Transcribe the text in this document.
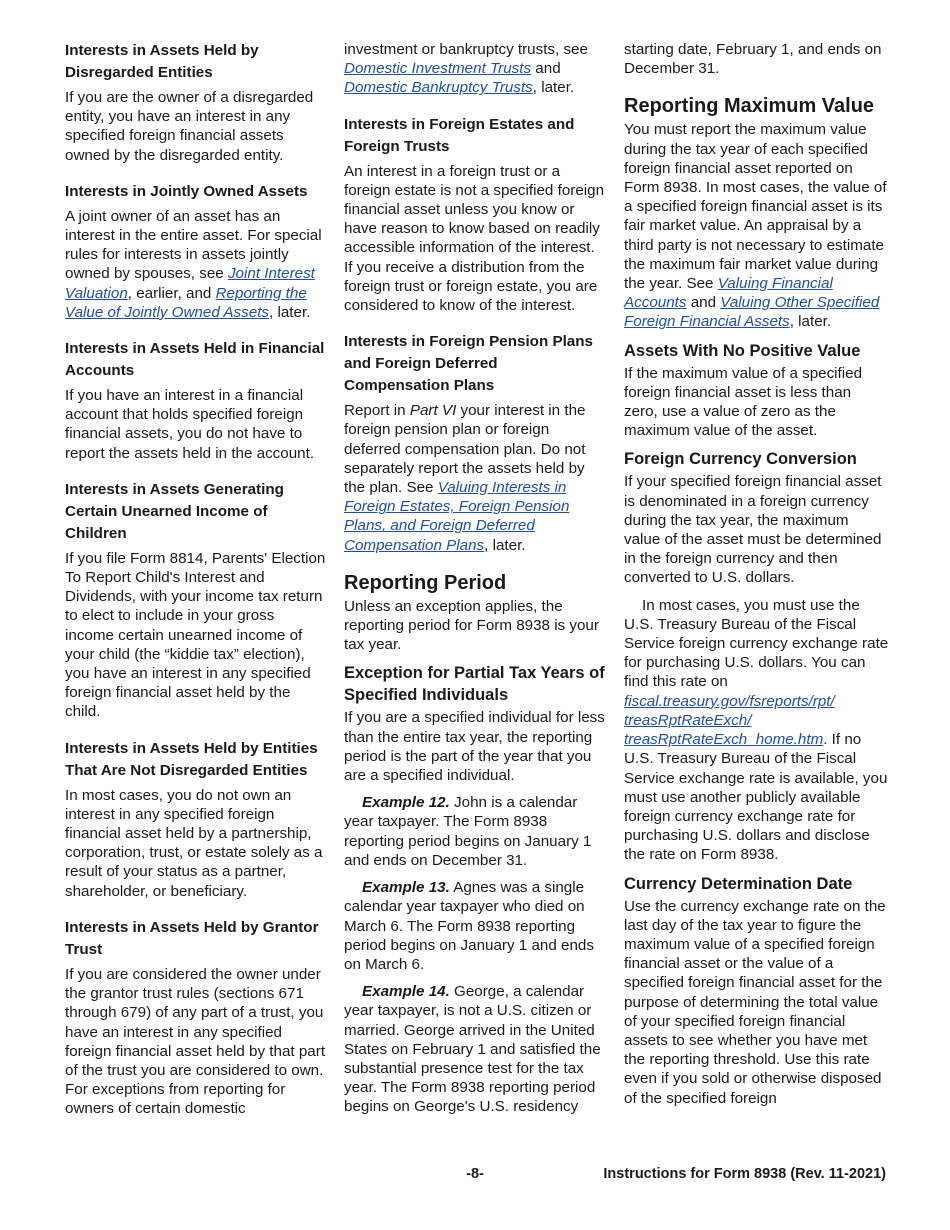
Interests in Assets Held by Disregarded Entities

If you are the owner of a disregarded entity, you have an interest in any specified foreign financial assets owned by the disregarded entity.

Interests in Jointly Owned Assets

A joint owner of an asset has an interest in the entire asset. For special rules for interests in assets jointly owned by spouses, see Joint Interest Valuation, earlier, and Reporting the Value of Jointly Owned Assets, later.

Interests in Assets Held in Financial Accounts

If you have an interest in a financial account that holds specified foreign financial assets, you do not have to report the assets held in the account.

Interests in Assets Generating Certain Unearned Income of Children

If you file Form 8814, Parents' Election To Report Child's Interest and Dividends, with your income tax return to elect to include in your gross income certain unearned income of your child (the “kiddie tax” election), you have an interest in any specified foreign financial asset held by the child.

Interests in Assets Held by Entities That Are Not Disregarded Entities

In most cases, you do not own an interest in any specified foreign financial asset held by a partnership, corporation, trust, or estate solely as a result of your status as a partner, shareholder, or beneficiary.

Interests in Assets Held by Grantor Trust

If you are considered the owner under the grantor trust rules (sections 671 through 679) of any part of a trust, you have an interest in any specified foreign financial asset held by that part of the trust you are considered to own. For exceptions from reporting for owners of certain domestic

investment or bankruptcy trusts, see Domestic Investment Trusts and Domestic Bankruptcy Trusts, later.

Interests in Foreign Estates and Foreign Trusts

An interest in a foreign trust or a foreign estate is not a specified foreign financial asset unless you know or have reason to know based on readily accessible information of the interest. If you receive a distribution from the foreign trust or foreign estate, you are considered to know of the interest.

Interests in Foreign Pension Plans and Foreign Deferred Compensation Plans

Report in Part VI your interest in the foreign pension plan or foreign deferred compensation plan. Do not separately report the assets held by the plan. See Valuing Interests in Foreign Estates, Foreign Pension Plans, and Foreign Deferred Compensation Plans, later.

Reporting Period

Unless an exception applies, the reporting period for Form 8938 is your tax year.

Exception for Partial Tax Years of Specified Individuals

If you are a specified individual for less than the entire tax year, the reporting period is the part of the year that you are a specified individual.

Example 12. John is a calendar year taxpayer. The Form 8938 reporting period begins on January 1 and ends on December 31.

Example 13. Agnes was a single calendar year taxpayer who died on March 6. The Form 8938 reporting period begins on January 1 and ends on March 6.

Example 14. George, a calendar year taxpayer, is not a U.S. citizen or married. George arrived in the United States on February 1 and satisfied the substantial presence test for the tax year. The Form 8938 reporting period begins on George's U.S. residency

starting date, February 1, and ends on December 31.

Reporting Maximum Value

You must report the maximum value during the tax year of each specified foreign financial asset reported on Form 8938. In most cases, the value of a specified foreign financial asset is its fair market value. An appraisal by a third party is not necessary to estimate the maximum fair market value during the year. See Valuing Financial Accounts and Valuing Other Specified Foreign Financial Assets, later.

Assets With No Positive Value

If the maximum value of a specified foreign financial asset is less than zero, use a value of zero as the maximum value of the asset.

Foreign Currency Conversion

If your specified foreign financial asset is denominated in a foreign currency during the tax year, the maximum value of the asset must be determined in the foreign currency and then converted to U.S. dollars.

In most cases, you must use the U.S. Treasury Bureau of the Fiscal Service foreign currency exchange rate for purchasing U.S. dollars. You can find this rate on fiscal.treasury.gov/fsreports/rpt/
treasRptRateExch/
treasRptRateExch_home.htm. If no U.S. Treasury Bureau of the Fiscal Service exchange rate is available, you must use another publicly available foreign currency exchange rate for purchasing U.S. dollars and disclose the rate on Form 8938.

Currency Determination Date

Use the currency exchange rate on the last day of the tax year to figure the maximum value of a specified foreign financial asset or the value of a specified foreign financial asset for the purpose of determining the total value of your specified foreign financial assets to see whether you have met the reporting threshold. Use this rate even if you sold or otherwise disposed of the specified foreign

-8-	Instructions for Form 8938 (Rev. 11-2021)
